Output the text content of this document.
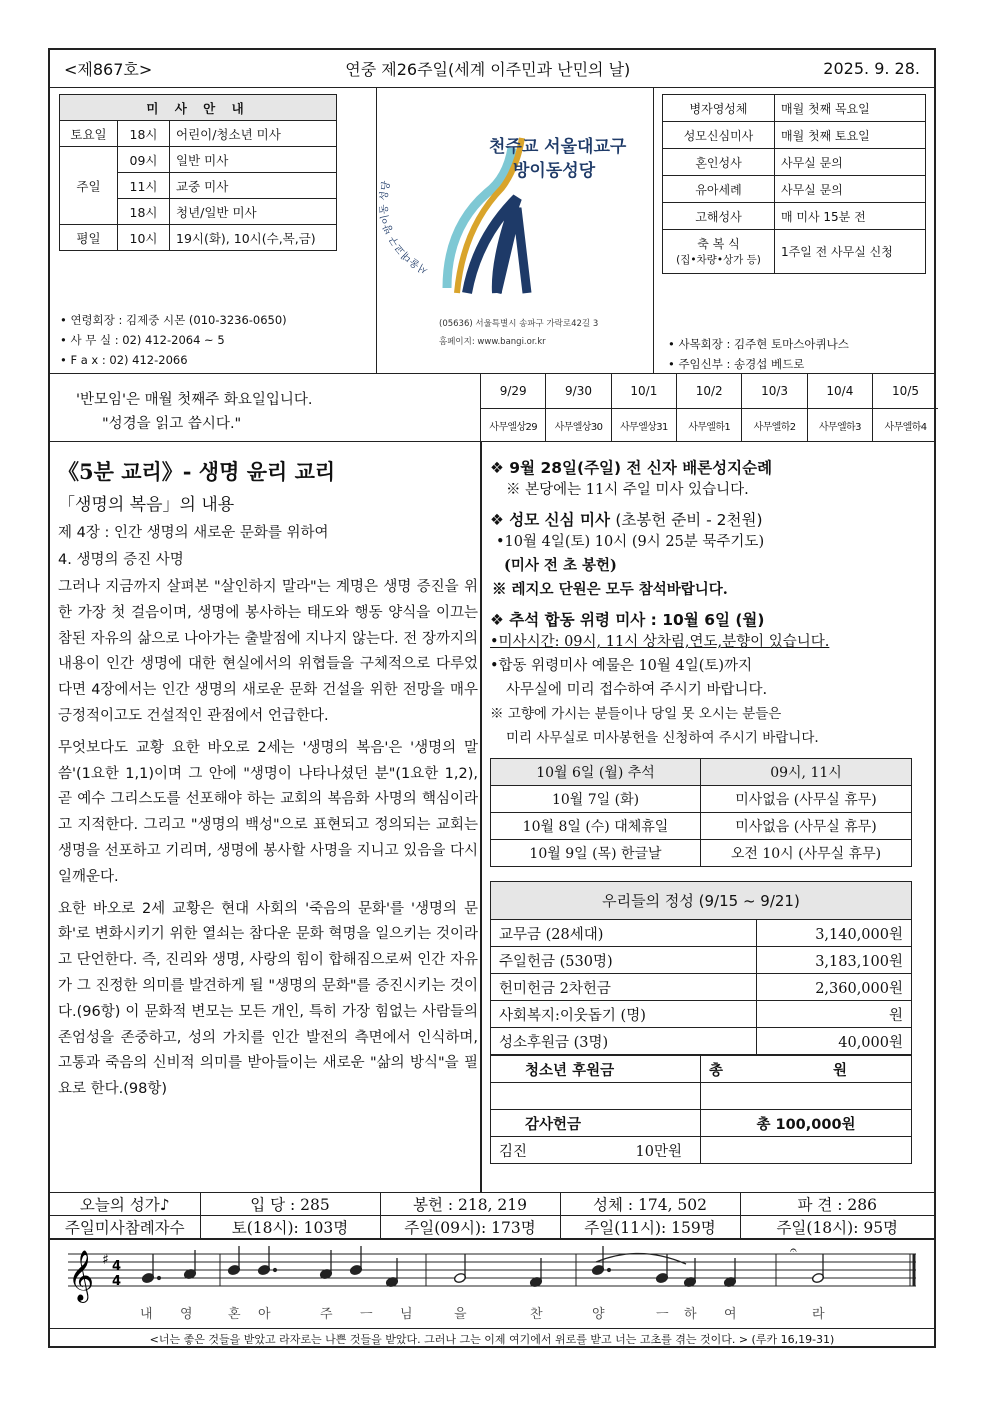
<제867호>	연중 제26주일(세계 이주민과 난민의 날)	2025. 9. 28.
미 사 안 내		
토요일	18시	어린이/청소년 미사
주일	09시	일반 미사
	11시	교중 미사
	18시	청년/일반 미사
평일	10시	19시(화), 10시(수,목,금)
• 연령회장 : 김제중 시몬 (010-3236-0650)
• 사 무 실 : 02) 412-2064 ~ 5
• F a x : 02) 412-2066
서울대교구 방이동 성당
천주교 서울대교구
방이동성당
(05636) 서울특별시 송파구 가락로42길 3
홈페이지: www.bangi.or.kr
병자영성체	매월 첫째 목요일
성모신심미사	매월 첫째 토요일
혼인성사	사무실 문의
유아세례	사무실 문의
고해성사	매 미사 15분 전

축 복 식
(집•차량•상가 등)	1주일 전 사무실 신청
• 사목회장 : 김주현 토마스아퀴나스
• 주임신부 : 송경섭 베드로
'반모임'은 매월 첫째주 화요일입니다.
"성경을 읽고 씁시다."
9/29	9/30	10/1	10/2	10/3	10/4	10/5
사무엘상29	사무엘상30	사무엘상31	사무엘하1	사무엘하2	사무엘하3	사무엘하4
《5분 교리》- 생명 윤리 교리
「생명의 복음」의 내용
제 4장 : 인간 생명의 새로운 문화를 위하여
4. 생명의 증진 사명

그러나 지금까지 살펴본 "살인하지 말라"는 계명은 생명 증진을 위한 가장 첫 걸음이며, 생명에 봉사하는 태도와 행동 양식을 이끄는 참된 자유의 삶으로 나아가는 출발점에 지나지 않는다. 전 장까지의 내용이 인간 생명에 대한 현실에서의 위협들을 구체적으로 다루었다면 4장에서는 인간 생명의 새로운 문화 건설을 위한 전망을 매우 긍정적이고도 건설적인 관점에서 언급한다.

무엇보다도 교황 요한 바오로 2세는 '생명의 복음'은 '생명의 말씀'(1요한 1,1)이며 그 안에 "생명이 나타나셨던 분"(1요한 1,2), 곧 예수 그리스도를 선포해야 하는 교회의 복음화 사명의 핵심이라고 지적한다. 그리고 "생명의 백성"으로 표현되고 정의되는 교회는 생명을 선포하고 기리며, 생명에 봉사할 사명을 지니고 있음을 다시 일깨운다.

요한 바오로 2세 교황은 현대 사회의 '죽음의 문화'를 '생명의 문화'로 변화시키기 위한 열쇠는 참다운 문화 혁명을 일으키는 것이라고 단언한다. 즉, 진리와 생명, 사랑의 힘이 합해짐으로써 인간 자유가 그 진정한 의미를 발견하게 될 "생명의 문화"를 증진시키는 것이다.(96항) 이 문화적 변모는 모든 개인, 특히 가장 힘없는 사람들의 존엄성을 존중하고, 성의 가치를 인간 발전의 측면에서 인식하며, 고통과 죽음의 신비적 의미를 받아들이는 새로운 "삶의 방식"을 필요로 한다.(98항)

❖ 9월 28일(주일) 전 신자 배론성지순례
※ 본당에는 11시 주일 미사 있습니다.
❖ 성모 신심 미사 (초봉헌 준비 - 2천원)
•10월 4일(토) 10시 (9시 25분 묵주기도)
(미사 전 초 봉헌)
※ 레지오 단원은 모두 참석바랍니다.
❖ 추석 합동 위령 미사 : 10월 6일 (월)
•미사시간: 09시, 11시 상차림,연도,분향이 있습니다.
•합동 위령미사 예물은 10월 4일(토)까지
사무실에 미리 접수하여 주시기 바랍니다.
※ 고향에 가시는 분들이나 당일 못 오시는 분들은
미리 사무실로 미사봉헌을 신청하여 주시기 바랍니다.
10월 6일 (월) 추석	09시, 11시
10월 7일 (화)	미사없음 (사무실 휴무)
10월 8일 (수) 대체휴일	미사없음 (사무실 휴무)
10월 9일 (목) 한글날	오전 10시 (사무실 휴무)
우리들의 정성 (9/15 ~ 9/21)	
교무금 (28세대)	3,140,000원
주일헌금 (530명)	3,183,100원
헌미헌금 2차헌금	2,360,000원
사회복지:이웃돕기 (명)	원
성소후원금 (3명)	40,000원
청소년 후원금	총 원

감사헌금	총 100,000원
김진 10만원	

오늘의 성가♪	입 당 : 285	봉헌 : 218, 219	성체 : 174, 502	파 견 : 286
주일미사참례자수	토(18시): 103명	주일(09시): 173명	주일(11시): 159명	주일(18시): 95명
𝄞 ♯ 4
4
𝄐
내 영	혼 아	주 ㅡ 님	을	찬	양	ㅡ 하 여	라
<너는 좋은 것들을 받았고 라자로는 나쁜 것들을 받았다. 그러나 그는 이제 여기에서 위로를 받고 너는 고초를 겪는 것이다. > (루카 16,19-31)
